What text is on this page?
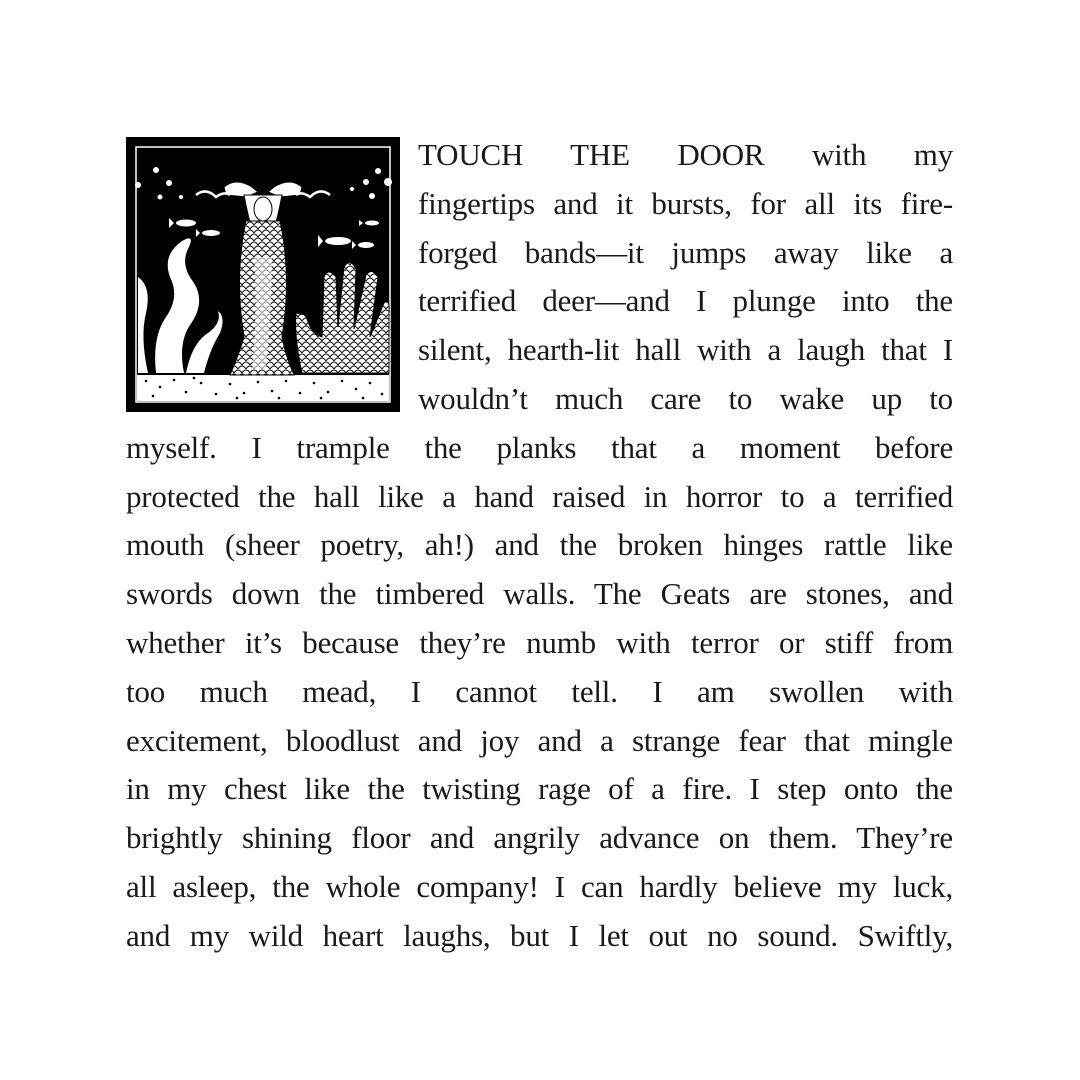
TOUCH THE DOOR with my
fingertips and it bursts, for all its fire-
forged bands—it jumps away like a
terrified deer—and I plunge into the
silent, hearth-lit hall with a laugh that I
wouldn’t much care to wake up to
myself. I trample the planks that a moment before
protected the hall like a hand raised in horror to a terrified
mouth (sheer poetry, ah!) and the broken hinges rattle like
swords down the timbered walls. The Geats are stones, and
whether it’s because they’re numb with terror or stiff from
too much mead, I cannot tell. I am swollen with
excitement, bloodlust and joy and a strange fear that mingle
in my chest like the twisting rage of a fire. I step onto the
brightly shining floor and angrily advance on them. They’re
all asleep, the whole company! I can hardly believe my luck,
and my wild heart laughs, but I let out no sound. Swiftly,
